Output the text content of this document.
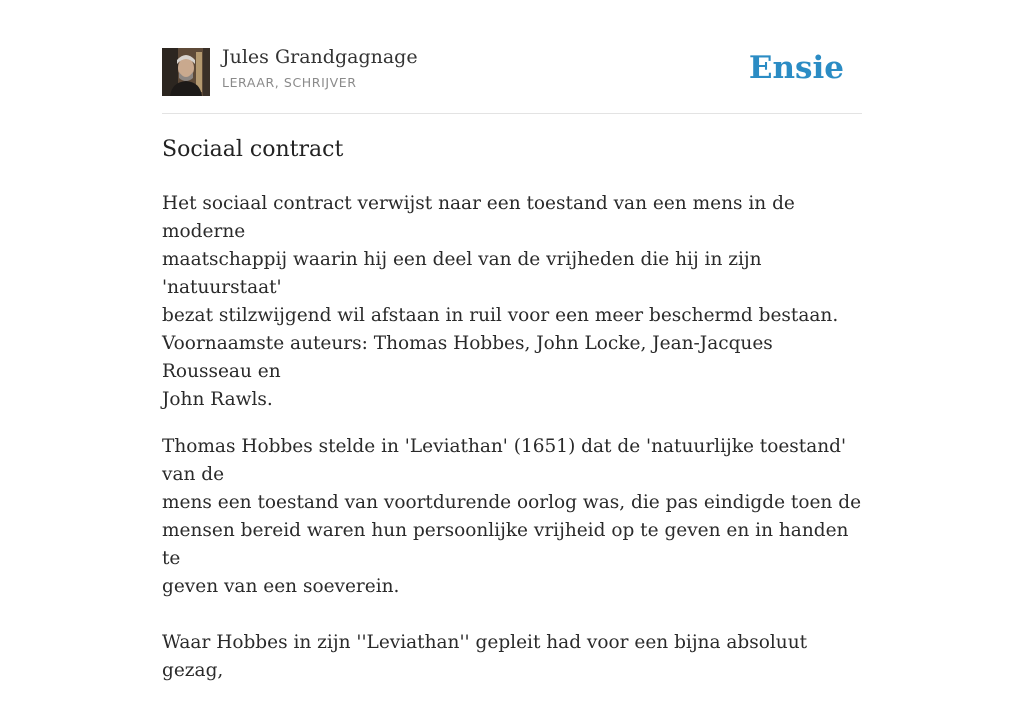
Jules Grandgagnage
LERAAR, SCHRIJVER	Ensie
Sociaal contract

Het sociaal contract verwijst naar een toestand van een mens in de moderne
maatschappij waarin hij een deel van de vrijheden die hij in zijn 'natuurstaat'
bezat stilzwijgend wil afstaan in ruil voor een meer beschermd bestaan.
Voornaamste auteurs: Thomas Hobbes, John Locke, Jean-Jacques Rousseau en
John Rawls.

Thomas Hobbes stelde in 'Leviathan' (1651) dat de 'natuurlijke toestand' van de
mens een toestand van voortdurende oorlog was, die pas eindigde toen de
mensen bereid waren hun persoonlijke vrijheid op te geven en in handen te
geven van een soeverein.

Waar Hobbes in zijn ''Leviathan'' gepleit had voor een bijna absoluut gezag,
